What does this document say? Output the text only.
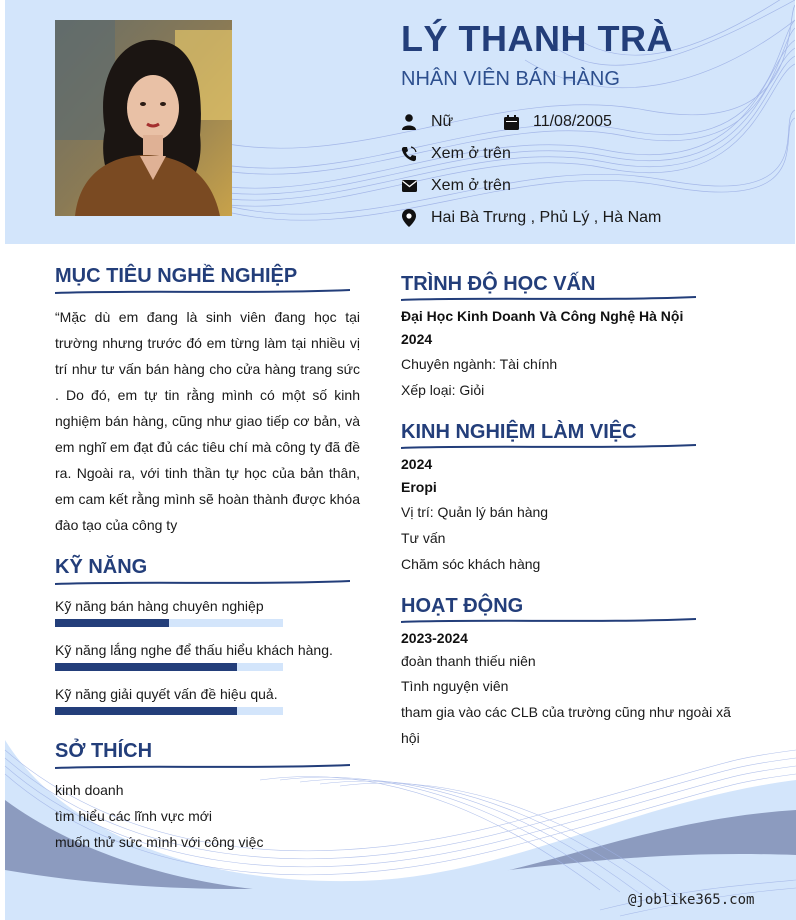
LÝ THANH TRÀ
NHÂN VIÊN BÁN HÀNG
Nữ	11/08/2005
Xem ở trên
Xem ở trên
Hai Bà Trưng , Phủ Lý , Hà Nam
MỤC TIÊU NGHỀ NGHIỆP
“Mặc dù em đang là sinh viên đang học tại trường nhưng trước đó em từng làm tại nhiều vị trí như tư vấn bán hàng cho cửa hàng trang sức . Do đó, em tự tin rằng mình có một số kinh nghiệm bán hàng, cũng như giao tiếp cơ bản, và em nghĩ em đạt đủ các tiêu chí mà công ty đã đề ra. Ngoài ra, với tinh thần tự học của bản thân, em cam kết rằng mình sẽ hoàn thành được khóa đào tạo của công ty
KỸ NĂNG
Kỹ năng bán hàng chuyên nghiệp
Kỹ năng lắng nghe để thấu hiểu khách hàng.
Kỹ năng giải quyết vấn đề hiệu quả.
SỞ THÍCH
kinh doanh
tìm hiểu các lĩnh vực mới
muốn thử sức mình với công việc
TRÌNH ĐỘ HỌC VẤN
Đại Học Kinh Doanh Và Công Nghệ Hà Nội
2024
Chuyên ngành: Tài chính
Xếp loại: Giỏi
KINH NGHIỆM LÀM VIỆC
2024
Eropi
Vị trí: Quản lý bán hàng
Tư vấn
Chăm sóc khách hàng
HOẠT ĐỘNG
2023-2024
đoàn thanh thiếu niên
Tình nguyện viên
tham gia vào các CLB của trường cũng như ngoài xã
hội
@joblike365.com
